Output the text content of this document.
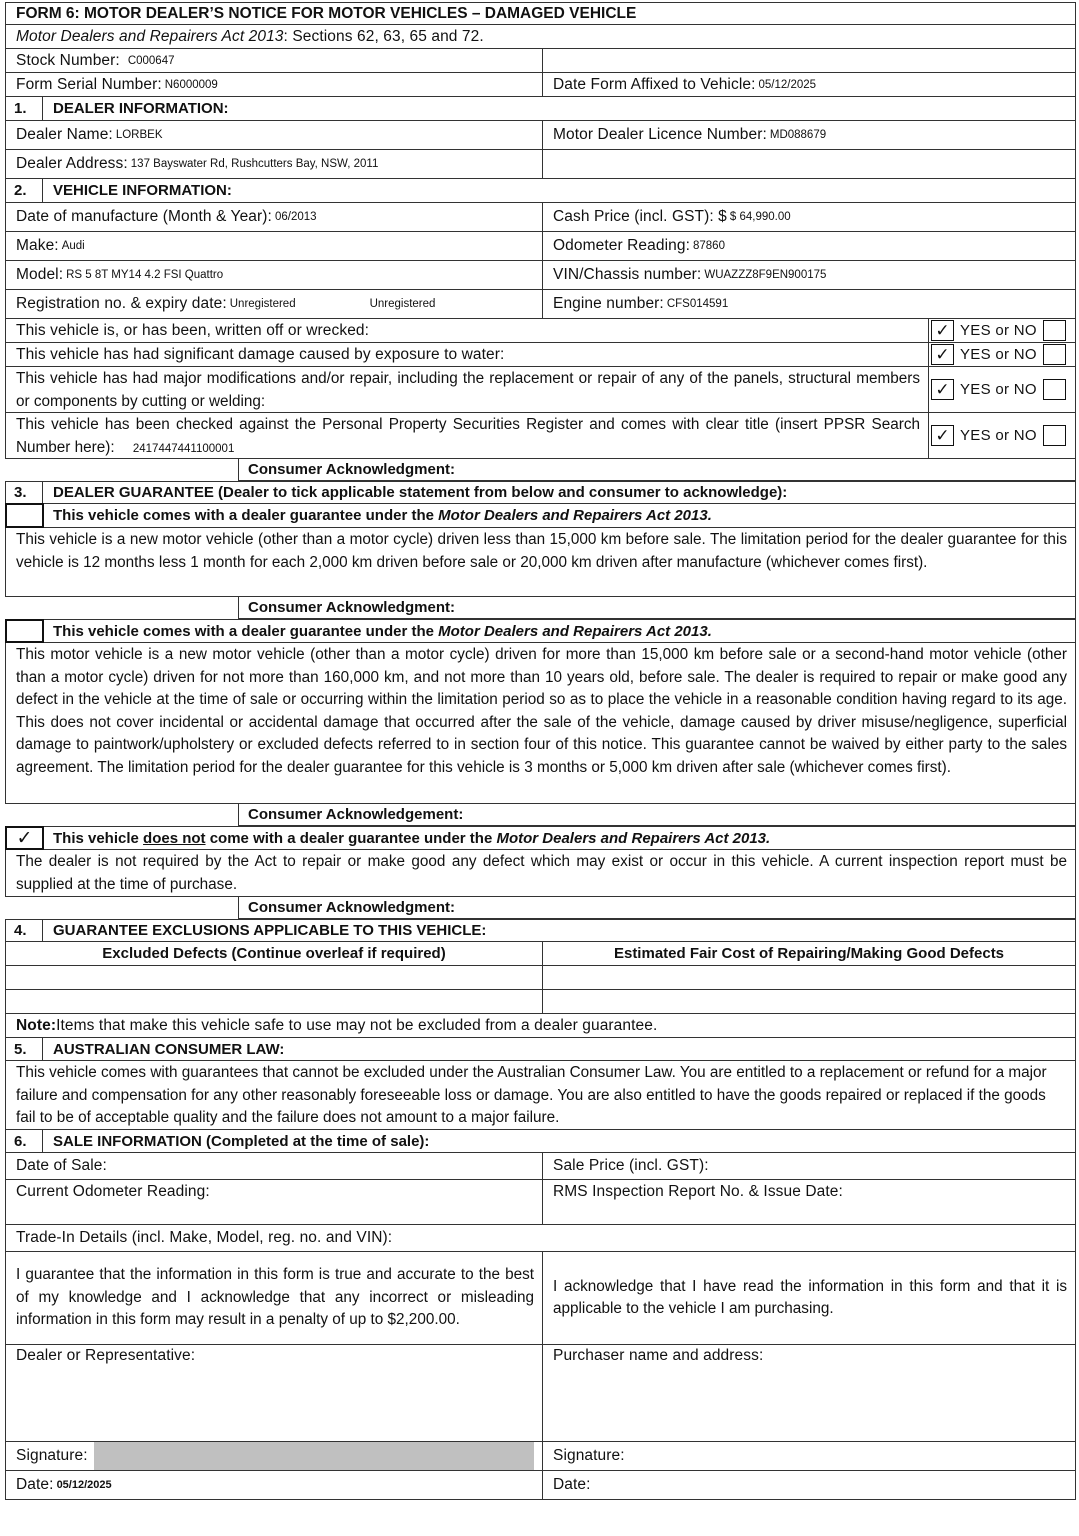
FORM 6: MOTOR DEALER’S NOTICE FOR MOTOR VEHICLES – DAMAGED VEHICLE
Motor Dealers and Repairers Act 2013 : Sections 62, 63, 65 and 72.
Stock Number: C000647
Form Serial Number: N6000009	Date Form Affixed to Vehicle: 05/12/2025
1.	DEALER INFORMATION:
Dealer Name: LORBEK	Motor Dealer Licence Number: MD088679
Dealer Address: 137 Bayswater Rd, Rushcutters Bay, NSW, 2011
2.	VEHICLE INFORMATION:
Date of manufacture (Month & Year): 06/2013	Cash Price (incl. GST): $ $ 64,990.00
Make: Audi	Odometer Reading: 87860
Model: RS 5 8T MY14 4.2 FSI Quattro	VIN/Chassis number: WUAZZZ8F9EN900175
Registration no. & expiry date: Unregistered	Unregistered	Engine number: CFS014591
This vehicle is, or has been, written off or wrecked:	✓ YES or NO
This vehicle has had significant damage caused by exposure to water:	✓ YES or NO
This vehicle has had major modifications and/or repair, including the replacement or repair of any of the panels, structural members or components by cutting or welding:
✓ YES or NO
This vehicle has been checked against the Personal Property Securities Register and comes with clear title (insert PPSR Search Number here): 2417447441100001
✓ YES or NO
Consumer Acknowledgment:
3.	DEALER GUARANTEE (Dealer to tick applicable statement from below and consumer to acknowledge):
This vehicle comes with a dealer guarantee under the
Motor Dealers and Repairers Act 2013.
This vehicle is a new motor vehicle (other than a motor cycle) driven less than 15,000 km before sale. The limitation period for the dealer guarantee for this vehicle is 12 months less 1 month for each 2,000 km driven before sale or 20,000 km driven after manufacture (whichever comes first).
Consumer Acknowledgment:
This vehicle comes with a dealer guarantee under the
Motor Dealers and Repairers Act 2013.
This motor vehicle is a new motor vehicle (other than a motor cycle) driven for more than 15,000 km before sale or a second-hand motor vehicle (other than a motor cycle) driven for not more than 160,000 km, and not more than 10 years old, before sale. The dealer is required to repair or make good any defect in the vehicle at the time of sale or occurring within the limitation period so as to place the vehicle in a reasonable condition having regard to its age. This does not cover incidental or accidental damage that occurred after the sale of the vehicle, damage caused by driver misuse/negligence, superficial damage to paintwork/upholstery or excluded defects referred to in section four of this notice. This guarantee cannot be waived by either party to the sales agreement. The limitation period for the dealer guarantee for this vehicle is 3 months or 5,000 km driven after sale (whichever comes first).
Consumer Acknowledgement:
✓	This vehicle
does not
come with a dealer guarantee under the
Motor Dealers and Repairers Act 2013.
The dealer is not required by the Act to repair or make good any defect which may exist or occur in this vehicle. A current inspection report must be supplied at the time of purchase.
Consumer Acknowledgment:
4.	GUARANTEE EXCLUSIONS APPLICABLE TO THIS VEHICLE:
Excluded Defects (Continue overleaf if required)	Estimated Fair Cost of Repairing/Making Good Defects
Note: Items that make this vehicle safe to use may not be excluded from a dealer guarantee.
5.	AUSTRALIAN CONSUMER LAW:
This vehicle comes with guarantees that cannot be excluded under the Australian Consumer Law. You are entitled to a replacement or refund for a major failure and compensation for any other reasonably foreseeable loss or damage. You are also entitled to have the goods repaired or replaced if the goods fail to be of acceptable quality and the failure does not amount to a major failure.
6.	SALE INFORMATION (Completed at the time of sale):
Date of Sale:	Sale Price (incl. GST):
Current Odometer Reading:	RMS Inspection Report No. & Issue Date:
Trade-In Details (incl. Make, Model, reg. no. and VIN):
I guarantee that the information in this form is true and accurate to the best of my knowledge and I acknowledge that any incorrect or misleading information in this form may result in a penalty of up to $2,200.00.
I acknowledge that I have read the information in this form and that it is applicable to the vehicle I am purchasing.
Dealer or Representative:	Purchaser name and address:
Signature:	Signature:
Date: 05/12/2025	Date:
